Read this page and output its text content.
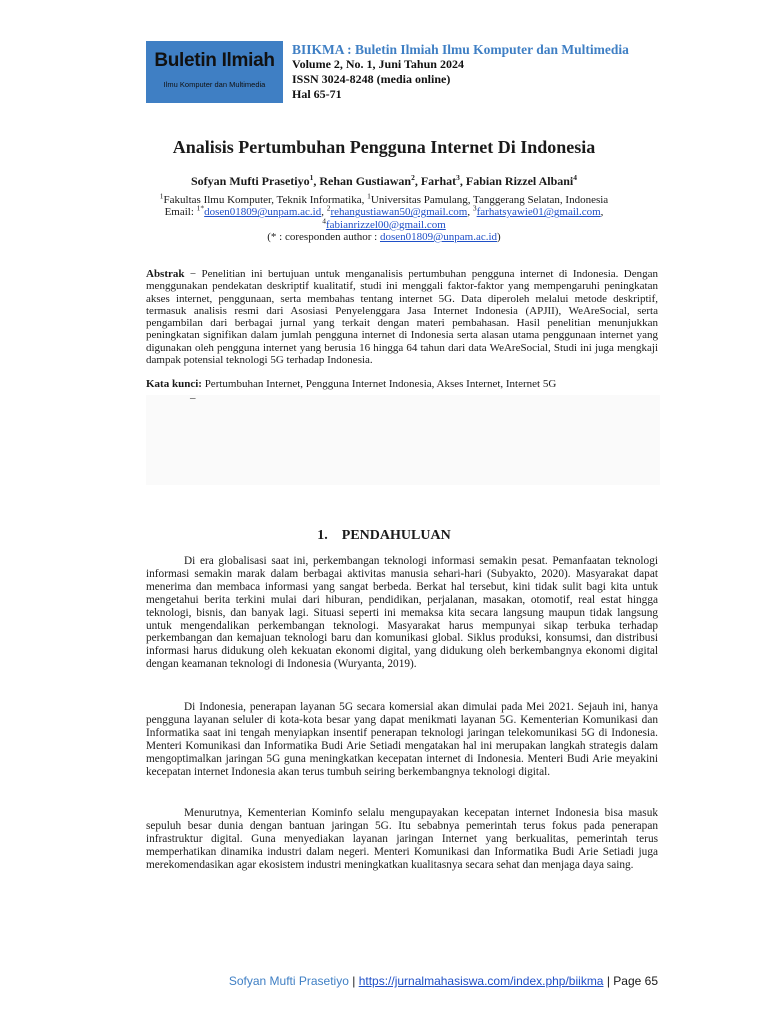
Buletin Ilmiah
Ilmu Komputer dan Multimedia
BIIKMA : Buletin Ilmiah Ilmu Komputer dan Multimedia
Volume 2, No. 1, Juni Tahun 2024
ISSN 3024-8248 (media online)
Hal 65-71
Analisis Pertumbuhan Pengguna Internet Di Indonesia
Sofyan Mufti Prasetiyo$^1$, Rehan Gustiawan$^2$, Farhat$^3$, Fabian Rizzel Albani$^4$
$^1$Fakultas Ilmu Komputer, Teknik Informatika, $^1$Universitas Pamulang, Tanggerang Selatan, Indonesia
Email: $^{1*}$dosen01809@unpam.ac.id, $^2$rehangustiawan50@gmail.com, $^3$farhatsyawie01@gmail.com,
$^4$fabianrizzel00@gmail.com
(* : coresponden author : dosen01809@unpam.ac.id)
Abstrak − Penelitian ini bertujuan untuk menganalisis pertumbuhan pengguna internet di Indonesia. Dengan menggunakan pendekatan deskriptif kualitatif, studi ini menggali faktor-faktor yang mempengaruhi peningkatan akses internet, penggunaan, serta membahas tentang internet 5G. Data diperoleh melalui metode deskriptif, termasuk analisis resmi dari Asosiasi Penyelenggara Jasa Internet Indonesia (APJII), WeAreSocial, serta pengambilan dari berbagai jurnal yang terkait dengan materi pembahasan. Hasil penelitian menunjukkan peningkatan signifikan dalam jumlah pengguna internet di Indonesia serta alasan utama penggunaan internet yang digunakan oleh pengguna internet yang berusia 16 hingga 64 tahun dari data WeAreSocial, Studi ini juga mengkaji dampak potensial teknologi 5G terhadap Indonesia.
Kata kunci: Pertumbuhan Internet, Pengguna Internet Indonesia, Akses Internet, Internet 5G
–
1. PENDAHULUAN

Di era globalisasi saat ini, perkembangan teknologi informasi semakin pesat. Pemanfaatan teknologi informasi semakin marak dalam berbagai aktivitas manusia sehari-hari (Subyakto, 2020). Masyarakat dapat menerima dan membaca informasi yang sangat berbeda. Berkat hal tersebut, kini tidak sulit bagi kita untuk mengetahui berita terkini mulai dari hiburan, pendidikan, perjalanan, masakan, otomotif, real estat hingga teknologi, bisnis, dan banyak lagi. Situasi seperti ini memaksa kita secara langsung maupun tidak langsung untuk mengendalikan perkembangan teknologi. Masyarakat harus mempunyai sikap terbuka terhadap perkembangan dan kemajuan teknologi baru dan komunikasi global. Siklus produksi, konsumsi, dan distribusi informasi harus didukung oleh kekuatan ekonomi digital, yang didukung oleh berkembangnya ekonomi digital dengan keamanan teknologi di Indonesia (Wuryanta, 2019).

Di Indonesia, penerapan layanan 5G secara komersial akan dimulai pada Mei 2021. Sejauh ini, hanya pengguna layanan seluler di kota-kota besar yang dapat menikmati layanan 5G. Kementerian Komunikasi dan Informatika saat ini tengah menyiapkan insentif penerapan teknologi jaringan telekomunikasi 5G di Indonesia. Menteri Komunikasi dan Informatika Budi Arie Setiadi mengatakan hal ini merupakan langkah strategis dalam mengoptimalkan jaringan 5G guna meningkatkan kecepatan internet di Indonesia. Menteri Budi Arie meyakini kecepatan internet Indonesia akan terus tumbuh seiring berkembangnya teknologi digital.

Menurutnya, Kementerian Kominfo selalu mengupayakan kecepatan internet Indonesia bisa masuk sepuluh besar dunia dengan bantuan jaringan 5G. Itu sebabnya pemerintah terus fokus pada penerapan infrastruktur digital. Guna menyediakan layanan jaringan Internet yang berkualitas, pemerintah terus memperhatikan dinamika industri dalam negeri. Menteri Komunikasi dan Informatika Budi Arie Setiadi juga merekomendasikan agar ekosistem industri meningkatkan kualitasnya secara sehat dan menjaga daya saing.

Sofyan Mufti Prasetiyo | https://jurnalmahasiswa.com/index.php/biikma | Page 65
